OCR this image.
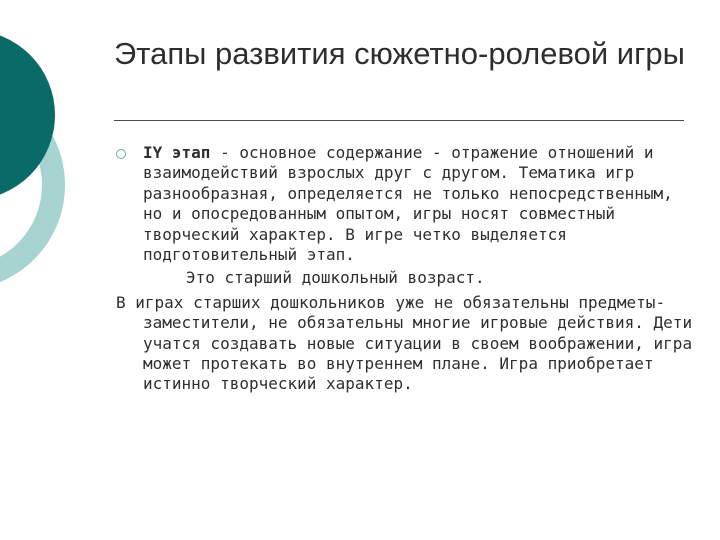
Этапы развития сюжетно-ролевой игры

IY этап - основное содержание - отражение отношений и взаимодействий взрослых друг с другом. Тематика игр разнообразная, определяется не только непосредственным, но и опосредованным опытом, игры носят совместный творческий характер. В игре четко выделяется подготовительный этап.

Это старший дошкольный возраст.

В играх старших дошкольников уже не обязательны предметы-заместители, не обязательны многие игровые действия. Дети учатся создавать новые ситуации в своем воображении, игра может протекать во внутреннем плане. Игра приобретает истинно творческий характер.
